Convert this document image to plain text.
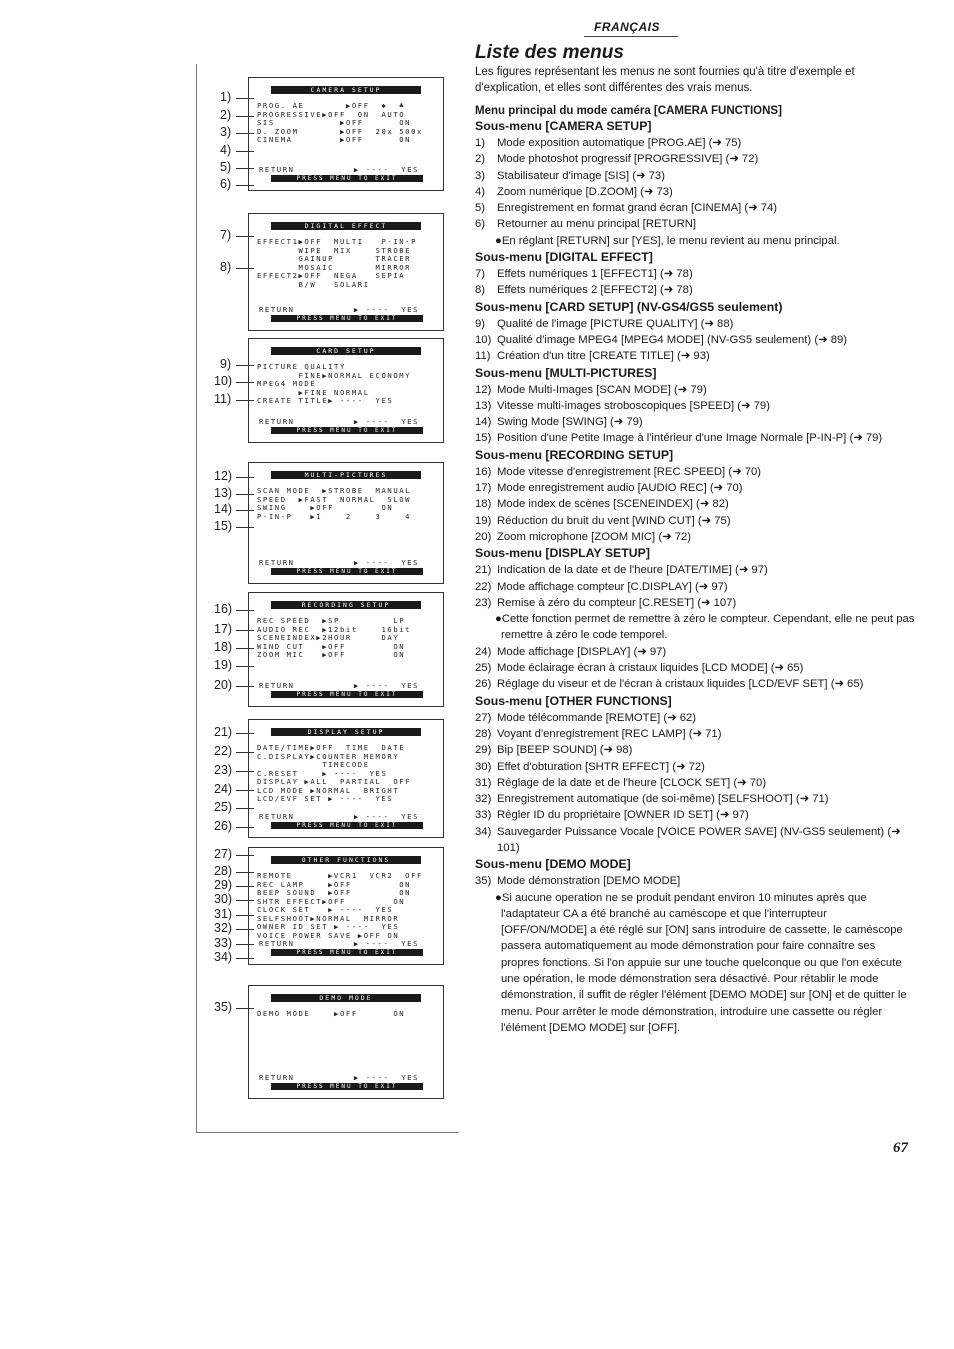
FRANÇAIS
Liste des menus
Les figures représentant les menus ne sont fournies qu'à titre d'exemple et d'explication, et elles sont différentes des vrais menus.
CAMERA SETUP
PROG. AE       ▶OFF  ✱  ♣
PROGRESSIVE▶OFF  ON  AUTO
SIS           ▶OFF      ON
D. ZOOM       ▶OFF  20x 500x
CINEMA        ▶OFF      ON
RETURN          ▶ ----  YES
PRESS MENU TO EXIT
DIGITAL EFFECT
EFFECT1▶OFF  MULTI   P-IN-P
WIPE  MIX    STROBE
GAINUP       TRACER
MOSAIC       MIRROR
EFFECT2▶OFF  NEGA   SEPIA
B/W   SOLARI
RETURN          ▶ ----  YES
PRESS MENU TO EXIT
CARD SETUP
PICTURE QUALITY
FINE▶NORMAL ECONOMY
MPEG4 MODE
▶FINE NORMAL
CREATE TITLE▶ ----  YES
RETURN          ▶ ----  YES
PRESS MENU TO EXIT
MULTI-PICTURES
SCAN MODE  ▶STROBE  MANUAL
SPEED  ▶FAST  NORMAL  SLOW
SWING    ▶OFF        ON
P-IN-P   ▶1    2    3    4
RETURN          ▶ ----  YES
PRESS MENU TO EXIT
RECORDING SETUP
REC SPEED  ▶SP         LP
AUDIO REC  ▶12bit    16bit
SCENEINDEX▶2HOUR     DAY
WIND CUT   ▶OFF        ON
ZOOM MIC   ▶OFF        ON
RETURN          ▶ ----  YES
PRESS MENU TO EXIT
DISPLAY SETUP
DATE/TIME▶OFF  TIME  DATE
C.DISPLAY▶COUNTER MEMORY
TIMECODE
C.RESET    ▶ ----  YES
DISPLAY ▶ALL  PARTIAL  OFF
LCD MODE ▶NORMAL  BRIGHT
LCD/EVF SET ▶ ----  YES
RETURN          ▶ ----  YES
PRESS MENU TO EXIT
OTHER FUNCTIONS
REMOTE      ▶VCR1  VCR2  OFF
REC LAMP    ▶OFF        ON
BEEP SOUND  ▶OFF        ON
SHTR EFFECT▶OFF        ON
CLOCK SET   ▶ ----  YES
SELFSHOOT▶NORMAL  MIRROR
OWNER ID SET ▶ ----  YES
VOICE POWER SAVE ▶OFF ON
RETURN          ▶ ----  YES
PRESS MENU TO EXIT
DEMO MODE
DEMO MODE    ▶OFF      ON
RETURN          ▶ ----  YES
PRESS MENU TO EXIT
1)
2)
3)
4)
5)
6)
7)
8)
9)
10)
11)
12)
13)
14)
15)
16)
17)
18)
19)
20)
21)
22)
23)
24)
25)
26)
27)
28)
29)
30)
31)
32)
33)
34)
35)
Menu principal du mode caméra [CAMERA FUNCTIONS]
Sous-menu [CAMERA SETUP]
1)	Mode exposition automatique [PROG.AE] (➜ 75)
2)	Mode photoshot progressif [PROGRESSIVE] (➜ 72)
3)	Stabilisateur d'image [SIS] (➜ 73)
4)	Zoom numérique [D.ZOOM] (➜ 73)
5)	Enregistrement en format grand écran [CINEMA] (➜ 74)
6)	Retourner au menu principal [RETURN]
●En réglant [RETURN] sur [YES], le menu revient au menu principal.
Sous-menu [DIGITAL EFFECT]
7)	Effets numériques 1 [EFFECT1] (➜ 78)
8)	Effets numériques 2 [EFFECT2] (➜ 78)
Sous-menu [CARD SETUP] (NV-GS4/GS5 seulement)
9)	Qualité de l'image [PICTURE QUALITY] (➜ 88)
10) Qualité d'image MPEG4 [MPEG4 MODE] (NV-GS5 seulement) (➜ 89)
11) Création d'un titre [CREATE TITLE] (➜ 93)
Sous-menu [MULTI-PICTURES]
12) Mode Multi-Images [SCAN MODE] (➜ 79)
13) Vitesse multi-images stroboscopiques [SPEED] (➜ 79)
14) Swing Mode [SWING] (➜ 79)
15) Position d'une Petite Image à l'intérieur d'une Image Normale [P-IN-P] (➜ 79)
Sous-menu [RECORDING SETUP]
16) Mode vitesse d'enregistrement [REC SPEED] (➜ 70)
17) Mode enregistrement audio [AUDIO REC] (➜ 70)
18) Mode index de scènes [SCENEINDEX] (➜ 82)
19) Réduction du bruit du vent [WIND CUT] (➜ 75)
20) Zoom microphone [ZOOM MIC] (➜ 72)
Sous-menu [DISPLAY SETUP]
21) Indication de la date et de l'heure [DATE/TIME] (➜ 97)
22) Mode affichage compteur [C.DISPLAY] (➜ 97)
23) Remise à zéro du compteur [C.RESET] (➜ 107)
●Cette fonction permet de remettre à zéro le compteur. Cependant, elle ne peut pas remettre à zéro le code temporel.
24) Mode affichage [DISPLAY] (➜ 97)
25) Mode éclairage écran à cristaux liquides [LCD MODE] (➜ 65)
26) Réglage du viseur et de l'écran à cristaux liquides [LCD/EVF SET] (➜ 65)
Sous-menu [OTHER FUNCTIONS]
27) Mode télécommande [REMOTE] (➜ 62)
28) Voyant d'enregistrement [REC LAMP] (➜ 71)
29) Bip [BEEP SOUND] (➜ 98)
30) Effet d'obturation [SHTR EFFECT] (➜ 72)
31) Réglage de la date et de l'heure [CLOCK SET] (➜ 70)
32) Enregistrement automatique (de soi-même) [SELFSHOOT] (➜ 71)
33) Régler ID du propriétaire [OWNER ID SET] (➜ 97)
34) Sauvegarder Puissance Vocale [VOICE POWER SAVE] (NV-GS5 seulement) (➜ 101)
Sous-menu [DEMO MODE]
35) Mode démonstration [DEMO MODE]
●Si aucune operation ne se produit pendant environ 10 minutes après que l'adaptateur CA a été branché au caméscope et que l'interrupteur [OFF/ON/MODE] a été réglé sur [ON] sans introduire de cassette, le caméscope passera automatiquement au mode démonstration pour faire connaître ses propres fonctions. Si l'on appuie sur une touche quelconque ou que l'on exécute une opération, le mode démonstration sera désactivé. Pour rétablir le mode démonstration, il suffit de régler l'élément [DEMO MODE] sur [ON] et de quitter le menu. Pour arrêter le mode démonstration, introduire une cassette ou régler l'élément [DEMO MODE] sur [OFF].
67
